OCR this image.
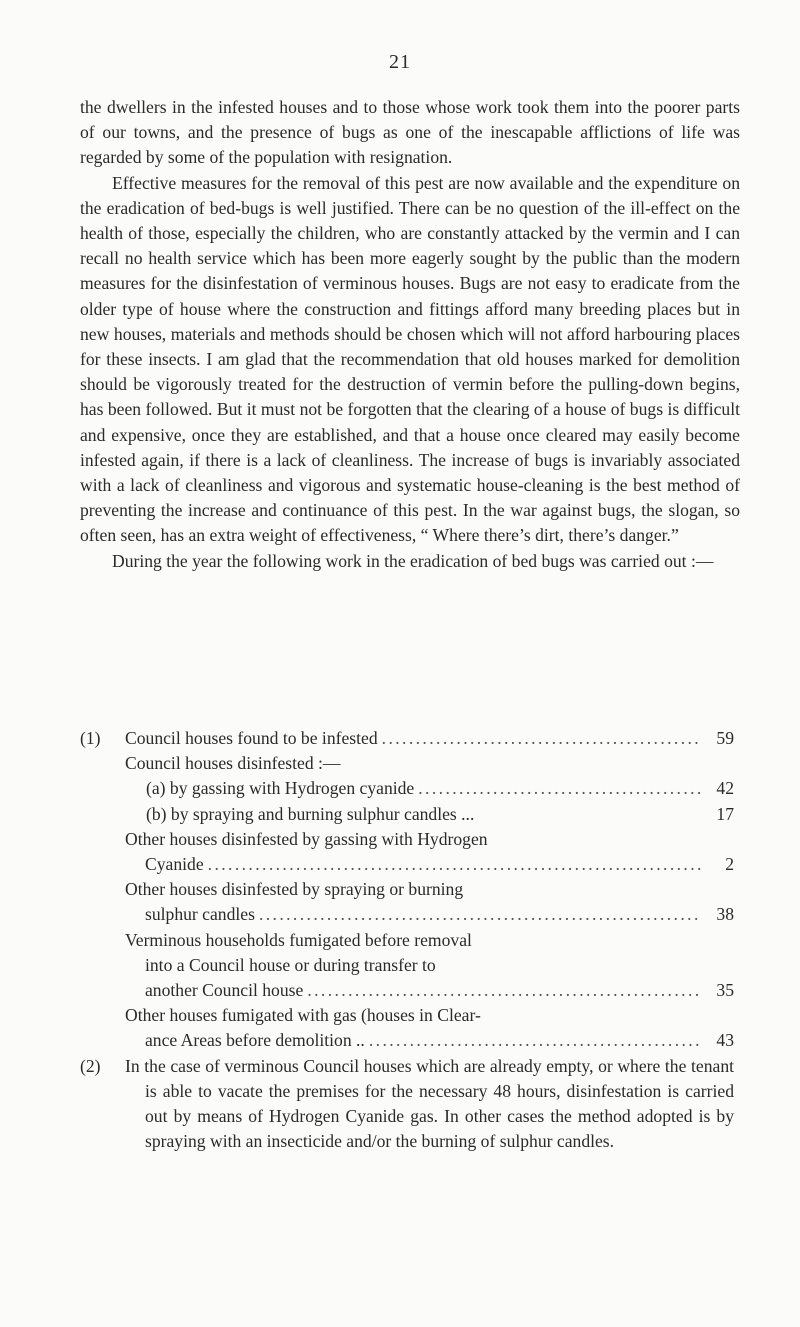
21

the dwellers in the infested houses and to those whose work took them into the poorer parts of our towns, and the presence of bugs as one of the inescapable afflictions of life was regarded by some of the population with resignation.

Effective measures for the removal of this pest are now available and the expenditure on the eradication of bed-bugs is well justified. There can be no question of the ill-effect on the health of those, especially the children, who are constantly attacked by the vermin and I can recall no health service which has been more eagerly sought by the public than the modern measures for the disinfestation of verminous houses. Bugs are not easy to eradicate from the older type of house where the construction and fittings afford many breeding places but in new houses, materials and methods should be chosen which will not afford harbouring places for these insects. I am glad that the recommendation that old houses marked for demolition should be vigorously treated for the destruction of vermin before the pulling-down begins, has been followed. But it must not be forgotten that the clearing of a house of bugs is difficult and expensive, once they are established, and that a house once cleared may easily become infested again, if there is a lack of cleanliness. The increase of bugs is invariably associated with a lack of cleanliness and vigorous and systematic house-cleaning is the best method of preventing the increase and continuance of this pest. In the war against bugs, the slogan, so often seen, has an extra weight of effectiveness, “ Where there’s dirt, there’s danger.”

During the year the following work in the eradication of bed bugs was carried out :—

(1)	Council houses found to be infested . . .	59
Council houses disinfested :—
(a) by gassing with Hydrogen cyanide . . .	42
(b) by spraying and burning sulphur candles ...	17
Other houses disinfested by gassing with Hydrogen
Cyanide . . .	2
Other houses disinfested by spraying or burning
sulphur candles . . .	38
Verminous households fumigated before removal
into a Council house or during transfer to
another Council house . . .	35
Other houses fumigated with gas (houses in Clear-
ance Areas before demolition .. . . .	43
(2)	In the case of verminous Council houses which are already empty, or where the tenant is able to vacate the premises for the necessary 48 hours, disinfestation is carried out by means of Hydrogen Cyanide gas. In other cases the method adopted is by spraying with an insecticide and/or the burning of sulphur candles.
